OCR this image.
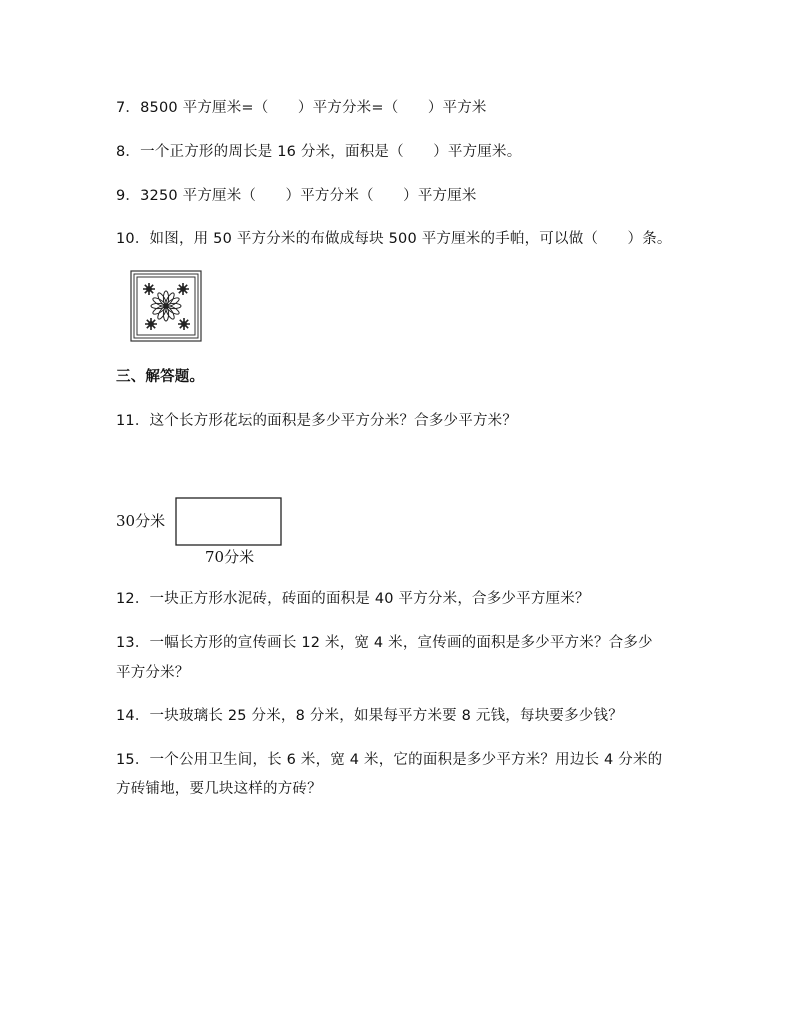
7．8500 平方厘米=（　　）平方分米=（　　）平方米
8．一个正方形的周长是 16 分米，面积是（　　）平方厘米。
9．3250 平方厘米（　　）平方分米（　　）平方厘米
10．如图，用 50 平方分米的布做成每块 500 平方厘米的手帕，可以做（　　）条。
三、解答题。
11．这个长方形花坛的面积是多少平方分米？合多少平方米？
30分米
70分米
12．一块正方形水泥砖，砖面的面积是 40 平方分米，合多少平方厘米？
13．一幅长方形的宣传画长 12 米，宽 4 米，宣传画的面积是多少平方米？合多少
平方分米？
14．一块玻璃长 25 分米，8 分米，如果每平方米要 8 元钱，每块要多少钱？
15．一个公用卫生间，长 6 米，宽 4 米，它的面积是多少平方米？用边长 4 分米的
方砖铺地，要几块这样的方砖？
